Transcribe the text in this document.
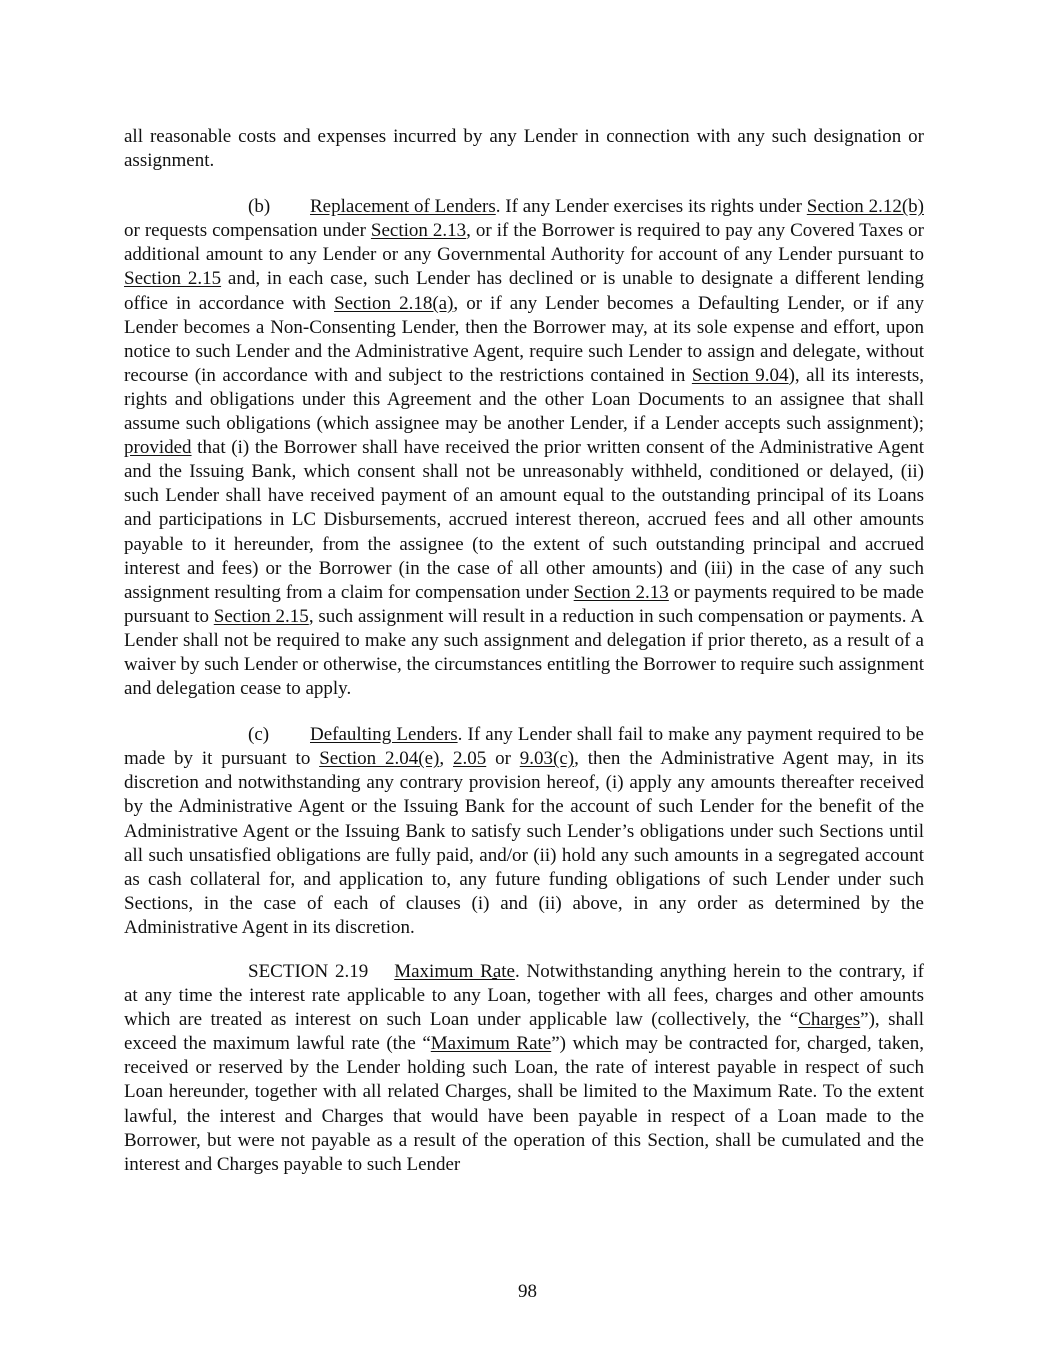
all reasonable costs and expenses incurred by any Lender in connection with any such designation or assignment.

(b) Replacement of Lenders. If any Lender exercises its rights under Section 2.12(b) or requests compensation under Section 2.13, or if the Borrower is required to pay any Covered Taxes or additional amount to any Lender or any Governmental Authority for account of any Lender pursuant to Section 2.15 and, in each case, such Lender has declined or is unable to designate a different lending office in accordance with Section 2.18(a), or if any Lender becomes a Defaulting Lender, or if any Lender becomes a Non-Consenting Lender, then the Borrower may, at its sole expense and effort, upon notice to such Lender and the Administrative Agent, require such Lender to assign and delegate, without recourse (in accordance with and subject to the restrictions contained in Section 9.04), all its interests, rights and obligations under this Agreement and the other Loan Documents to an assignee that shall assume such obligations (which assignee may be another Lender, if a Lender accepts such assignment); provided that (i) the Borrower shall have received the prior written consent of the Administrative Agent and the Issuing Bank, which consent shall not be unreasonably withheld, conditioned or delayed, (ii) such Lender shall have received payment of an amount equal to the outstanding principal of its Loans and participations in LC Disbursements, accrued interest thereon, accrued fees and all other amounts payable to it hereunder, from the assignee (to the extent of such outstanding principal and accrued interest and fees) or the Borrower (in the case of all other amounts) and (iii) in the case of any such assignment resulting from a claim for compensation under Section 2.13 or payments required to be made pursuant to Section 2.15, such assignment will result in a reduction in such compensation or payments. A Lender shall not be required to make any such assignment and delegation if prior thereto, as a result of a waiver by such Lender or otherwise, the circumstances entitling the Borrower to require such assignment and delegation cease to apply.

(c) Defaulting Lenders. If any Lender shall fail to make any payment required to be made by it pursuant to Section 2.04(e), 2.05 or 9.03(c), then the Administrative Agent may, in its discretion and notwithstanding any contrary provision hereof, (i) apply any amounts thereafter received by the Administrative Agent or the Issuing Bank for the account of such Lender for the benefit of the Administrative Agent or the Issuing Bank to satisfy such Lender’s obligations under such Sections until all such unsatisfied obligations are fully paid, and/or (ii) hold any such amounts in a segregated account as cash collateral for, and application to, any future funding obligations of such Lender under such Sections, in the case of each of clauses (i) and (ii) above, in any order as determined by the Administrative Agent in its discretion.

SECTION 2.19 Maximum Rate. Notwithstanding anything herein to the contrary, if at any time the interest rate applicable to any Loan, together with all fees, charges and other amounts which are treated as interest on such Loan under applicable law (collectively, the “Charges”), shall exceed the maximum lawful rate (the “Maximum Rate”) which may be contracted for, charged, taken, received or reserved by the Lender holding such Loan, the rate of interest payable in respect of such Loan hereunder, together with all related Charges, shall be limited to the Maximum Rate. To the extent lawful, the interest and Charges that would have been payable in respect of a Loan made to the Borrower, but were not payable as a result of the operation of this Section, shall be cumulated and the interest and Charges payable to such Lender

98
